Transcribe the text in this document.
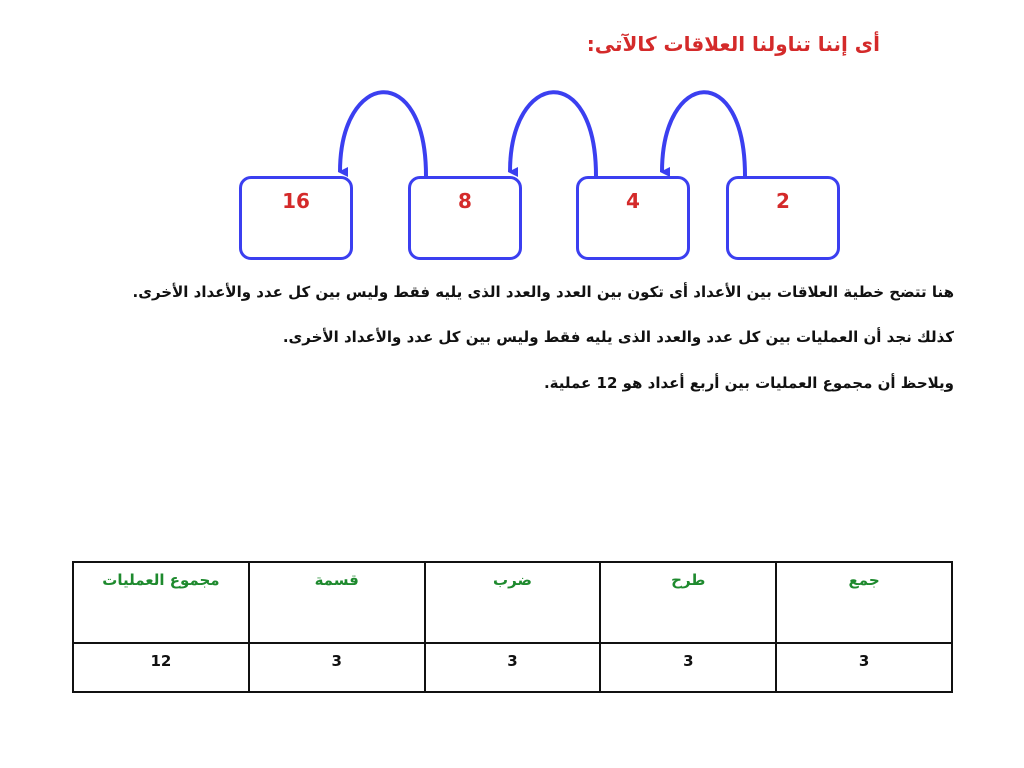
أى إننا تناولنا العلاقات كالآتى:
2
4
8
16
هنا تتضح خطية العلاقات بين الأعداد أى تكون بين العدد والعدد الذى يليه فقط وليس بين كل عدد والأعداد الأخرى.
كذلك نجد أن العمليات بين كل عدد والعدد الذى يليه فقط وليس بين كل عدد والأعداد الأخرى.
ويلاحظ أن مجموع العمليات بين أربع أعداد هو 12 عملية.
جمع	طرح	ضرب	قسمة	مجموع العمليات
3	3	3	3	12
